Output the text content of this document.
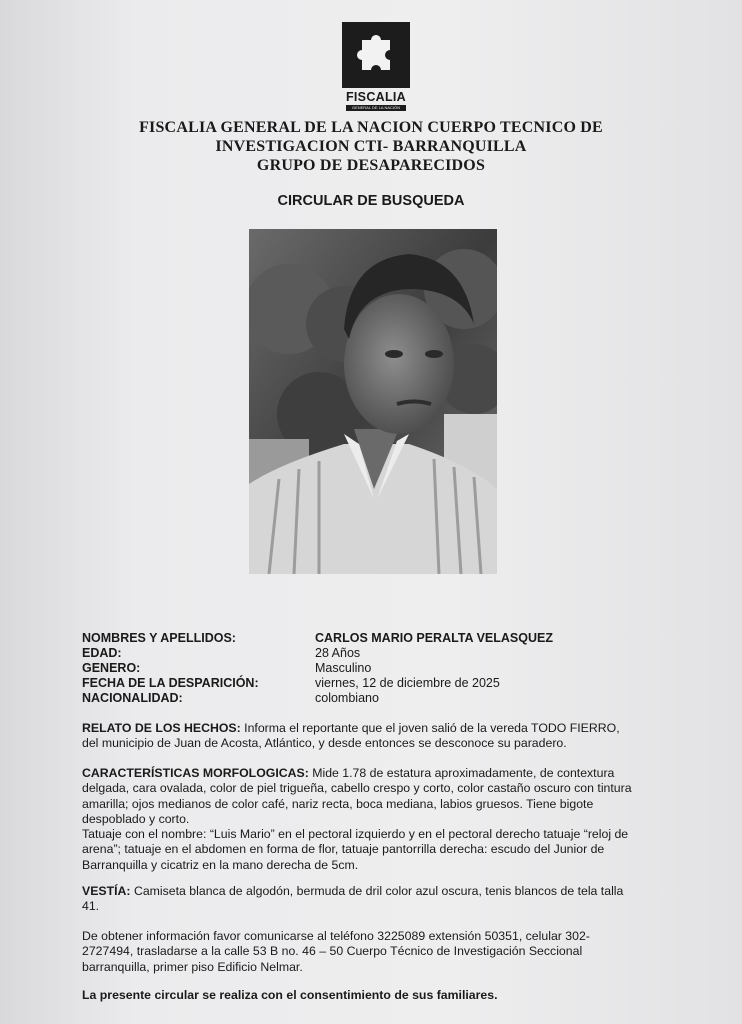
FISCALIA
GENERAL DE LA NACIÓN
FISCALIA GENERAL DE LA NACION CUERPO TECNICO DE
INVESTIGACION CTI- BARRANQUILLA
GRUPO DE DESAPARECIDOS
CIRCULAR DE BUSQUEDA
NOMBRES Y APELLIDOS:	CARLOS MARIO PERALTA VELASQUEZ
EDAD:	28 Años
GENERO:	Masculino
FECHA DE LA DESPARICIÓN:	viernes, 12 de diciembre de 2025
NACIONALIDAD:	colombiano
RELATO DE LOS HECHOS: Informa el reportante que el joven salió de la vereda TODO FIERRO,
del municipio de Juan de Acosta, Atlántico, y desde entonces se desconoce su paradero.
CARACTERÍSTICAS MORFOLOGICAS: Mide 1.78 de estatura aproximadamente, de contextura
delgada, cara ovalada, color de piel trigueña, cabello crespo y corto, color castaño oscuro con tintura
amarilla; ojos medianos de color café, nariz recta, boca mediana, labios gruesos. Tiene bigote
despoblado y corto.
Tatuaje con el nombre: “Luis Mario” en el pectoral izquierdo y en el pectoral derecho tatuaje “reloj de
arena”; tatuaje en el abdomen en forma de flor, tatuaje pantorrilla derecha: escudo del Junior de
Barranquilla y cicatriz en la mano derecha de 5cm.
VESTÍA: Camiseta blanca de algodón, bermuda de dril color azul oscura, tenis blancos de tela talla
41.
De obtener información favor comunicarse al teléfono 3225089 extensión 50351, celular 302-
2727494, trasladarse a la calle 53 B no. 46 – 50 Cuerpo Técnico de Investigación Seccional
barranquilla, primer piso Edificio Nelmar.
La presente circular se realiza con el consentimiento de sus familiares.
